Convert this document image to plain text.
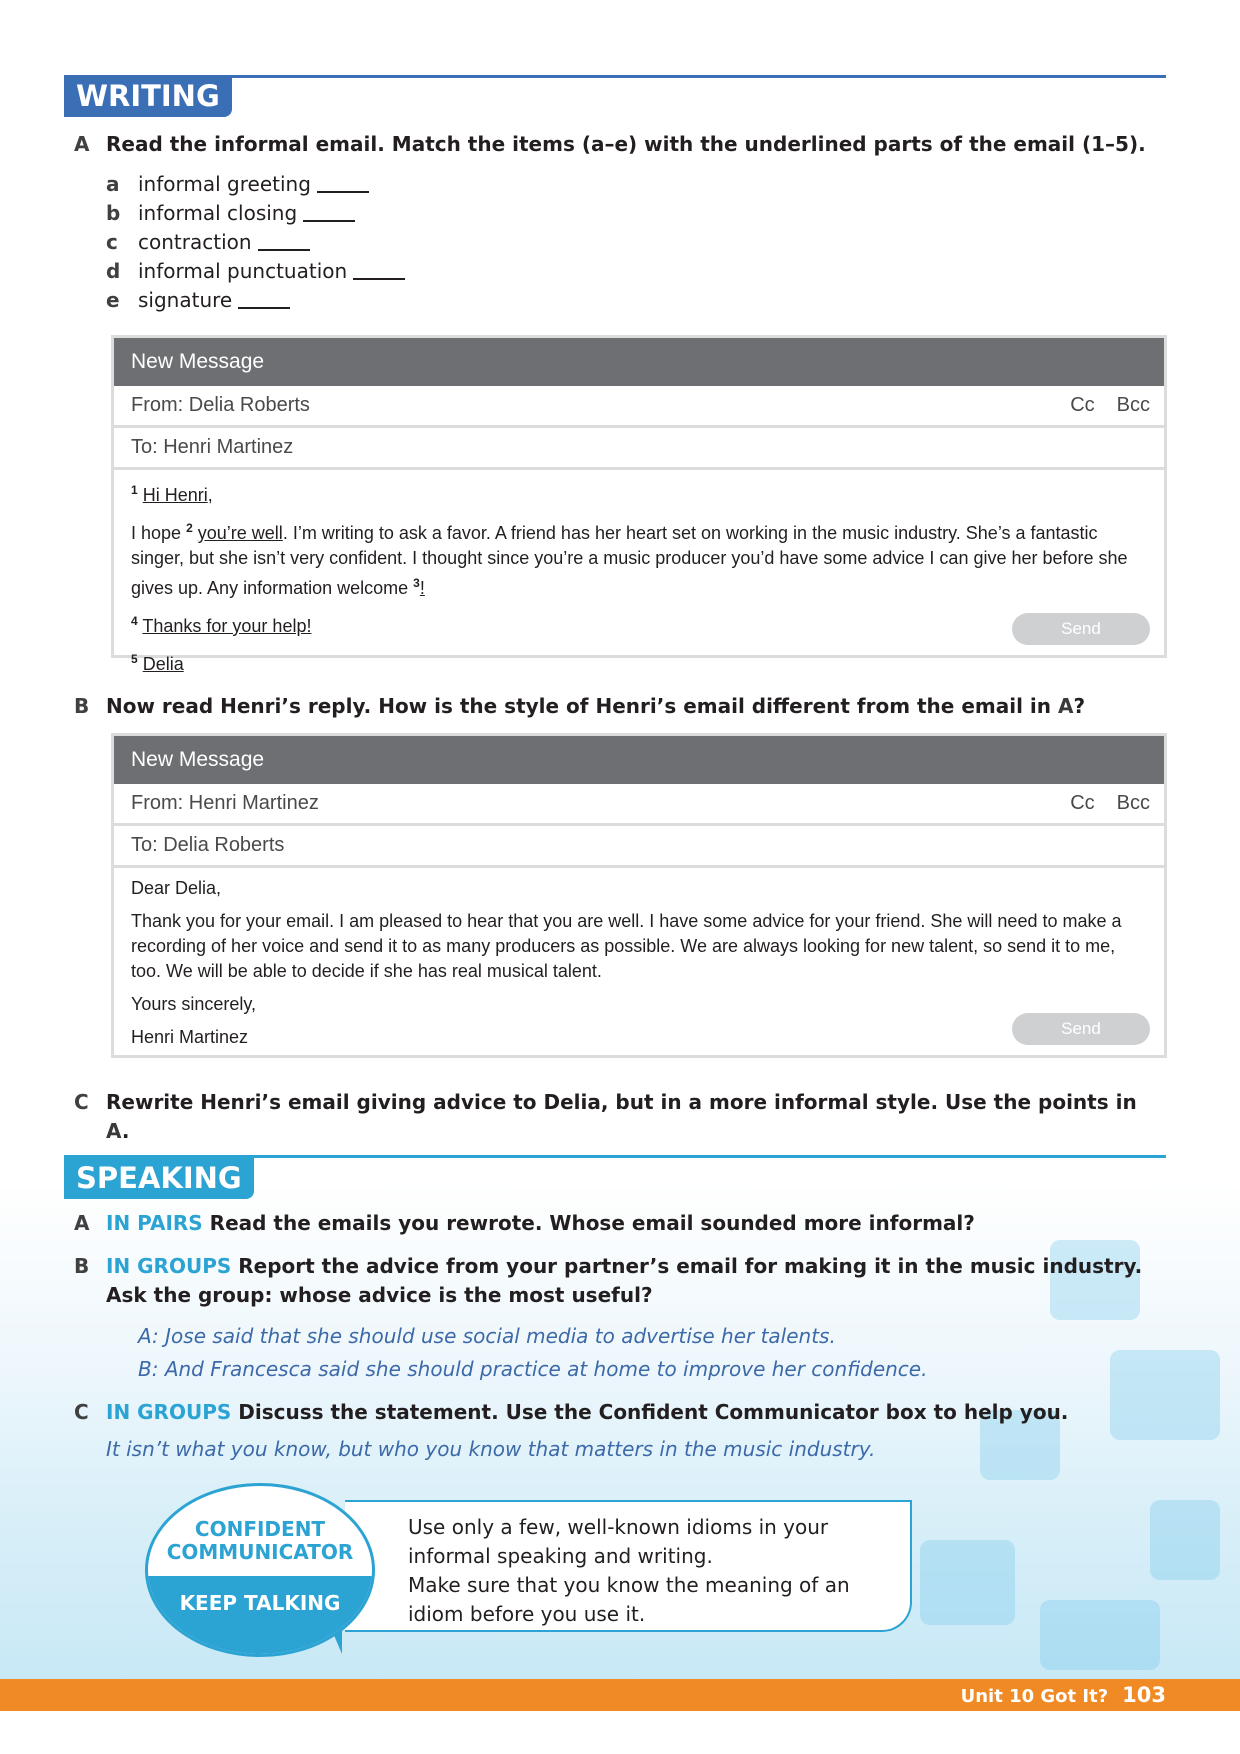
WRITING
A Read the informal email. Match the items (a–e) with the underlined parts of the email (1–5).
a informal greeting
b informal closing
c contraction
d informal punctuation
e signature
New Message
From: Delia Roberts	Cc Bcc
To: Henri Martinez

$^1$ Hi Henri,

I hope $^2$ you’re well. I’m writing to ask a favor. A friend has her heart set on working in the music industry. She’s a fantastic singer, but she isn’t very confident. I thought since you’re a music producer you’d have some advice I can give her before she gives up. Any information welcome $^3$!

$^4$ Thanks for your help!

$^5$ Delia

Send
B Now read Henri’s reply. How is the style of Henri’s email different from the email in A?
New Message
From: Henri Martinez	Cc Bcc
To: Delia Roberts

Dear Delia,

Thank you for your email. I am pleased to hear that you are well. I have some advice for your friend. She will need to make a recording of her voice and send it to as many producers as possible. We are always looking for new talent, so send it to me, too. We will be able to decide if she has real musical talent.

Yours sincerely,

Henri Martinez	Send
C Rewrite Henri’s email giving advice to Delia, but in a more informal style. Use the points in A.
SPEAKING
A IN PAIRS Read the emails you rewrote. Whose email sounded more informal?
B IN GROUPS Report the advice from your partner’s email for making it in the music industry. Ask the group: whose advice is the most useful?
A: Jose said that she should use social media to advertise her talents.
B: And Francesca said she should practice at home to improve her confidence.
C IN GROUPS Discuss the statement. Use the Confident Communicator box to help you.
It isn’t what you know, but who you know that matters in the music industry.
CONFIDENT
COMMUNICATOR
KEEP TALKING
Use only a few, well-known idioms in your informal speaking and writing.
Make sure that you know the meaning of an idiom before you use it.
Unit 10 Got It? 103
